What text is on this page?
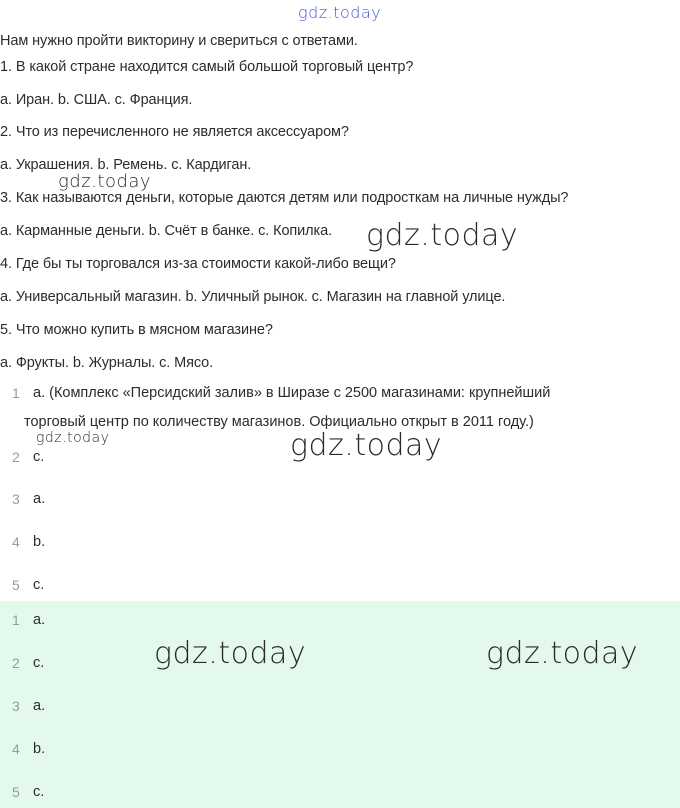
gdz.today
Нам нужно пройти викторину и свериться с ответами.
1. В какой стране находится самый большой торговый центр?
a. Иран. b. США. c. Франция.
2. Что из перечисленного не является аксессуаром?
a. Украшения. b. Ремень. c. Кардиган.
gdz.today
3. Как называются деньги, которые даются детям или подросткам на личные нужды?
a. Карманные деньги. b. Счёт в банке. c. Копилка. gdz.today
4. Где бы ты торговался из-за стоимости какой-либо вещи?
a. Универсальный магазин. b. Уличный рынок. c. Магазин на главной улице.
5. Что можно купить в мясном магазине?
a. Фрукты. b. Журналы. c. Мясо.
1 a. (Комплекс «Персидский залив» в Ширазе с 2500 магазинами: крупнейший
торговый центр по количеству магазинов. Официально открыт в 2011 году.)
gdz.today	gdz.today
2 c.
3 a.
4 b.
5 c.
gdz.today	gdz.today
1 a.
2 c.
3 a.
4 b.
5 c.
